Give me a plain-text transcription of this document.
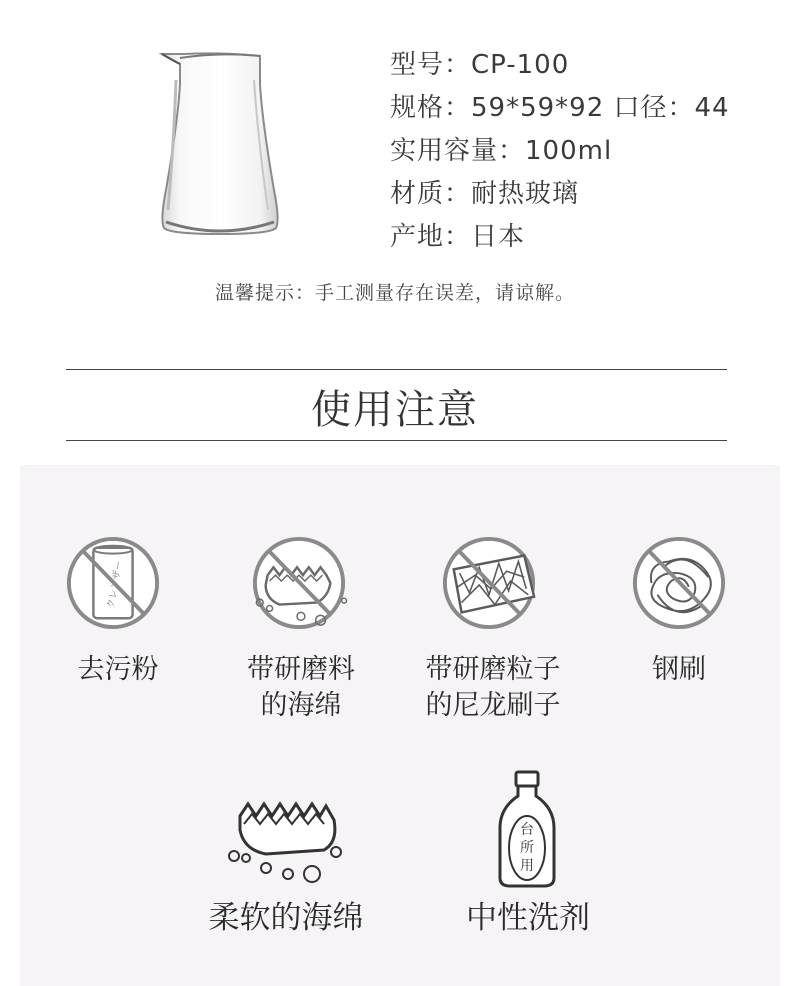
型号：CP-100
规格：59*59*92 口径：44
实用容量：100ml
材质：耐热玻璃
产地：日本
温馨提示：手工测量存在误差，请谅解。
使用注意
去污粉	带研磨料
的海绵
带研磨粒子
的尼龙刷子
钢刷
柔软的海绵
台
所
用
中性洗剂
